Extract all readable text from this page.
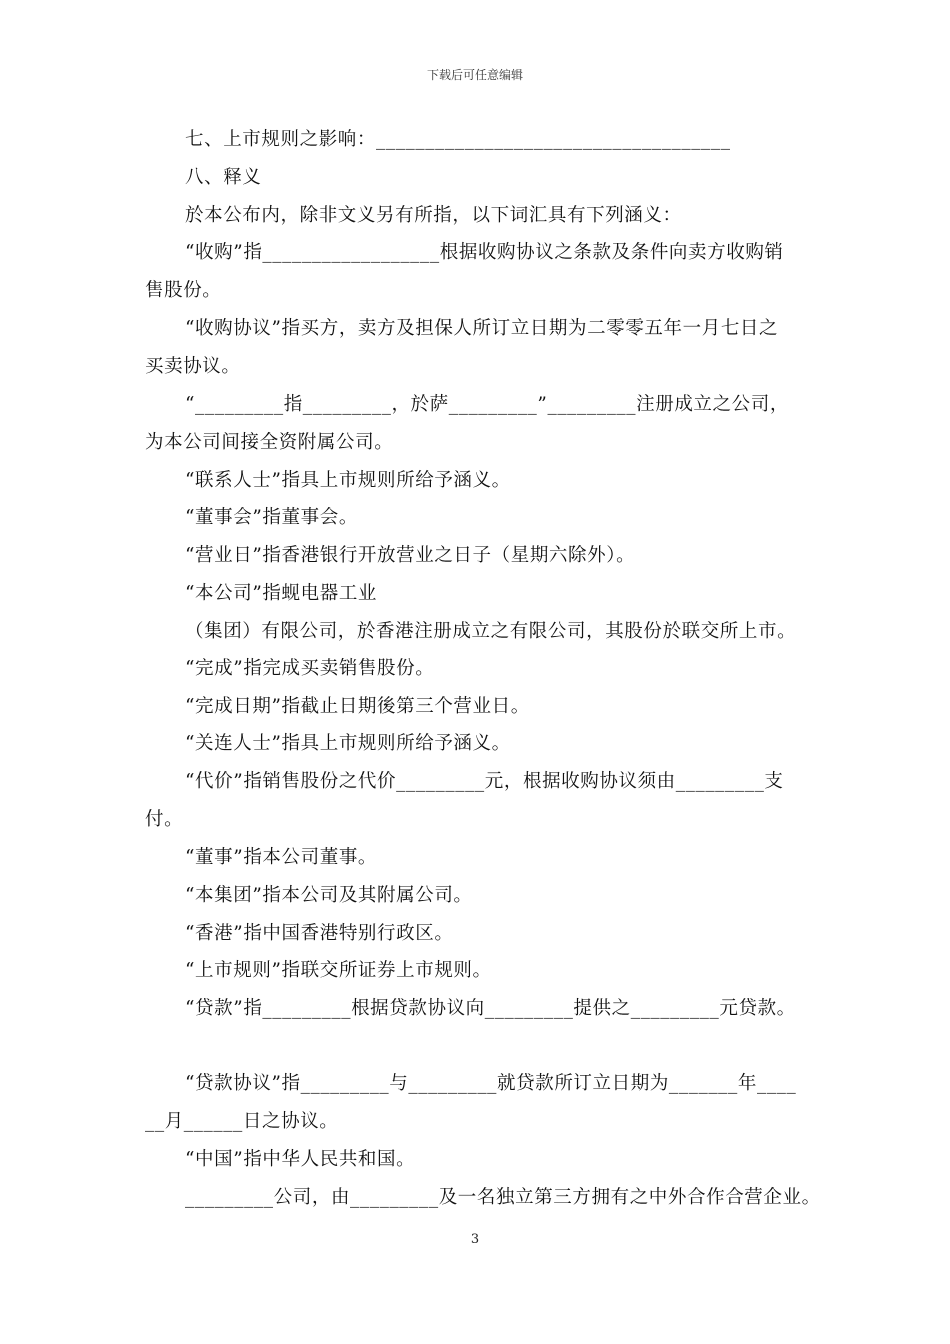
下载后可任意编辑
七、上市规则之影响：____________________________________
八、释义
於本公布内，除非文义另有所指，以下词汇具有下列涵义：
“收购”指__________________根据收购协议之条款及条件向卖方收购销
售股份。
“收购协议”指买方，卖方及担保人所订立日期为二零零五年一月七日之
买卖协议。
“_________指_________，於萨_________”_________注册成立之公司，
为本公司间接全资附属公司。
“联系人士”指具上市规则所给予涵义。
“董事会”指董事会。
“营业日”指香港银行开放营业之日子（星期六除外）。
“本公司”指蚬电器工业
（集团）有限公司，於香港注册成立之有限公司，其股份於联交所上市。
“完成”指完成买卖销售股份。
“完成日期”指截止日期後第三个营业日。
“关连人士”指具上市规则所给予涵义。
“代价”指销售股份之代价_________元，根据收购协议须由_________支
付。
“董事”指本公司董事。
“本集团”指本公司及其附属公司。
“香港”指中国香港特别行政区。
“上市规则”指联交所证券上市规则。
“贷款”指_________根据贷款协议向_________提供之_________元贷款。
“贷款协议”指_________与_________就贷款所订立日期为_______年____
__月______日之协议。
“中国”指中华人民共和国。
_________公司，由_________及一名独立第三方拥有之中外合作合营企业。
3
